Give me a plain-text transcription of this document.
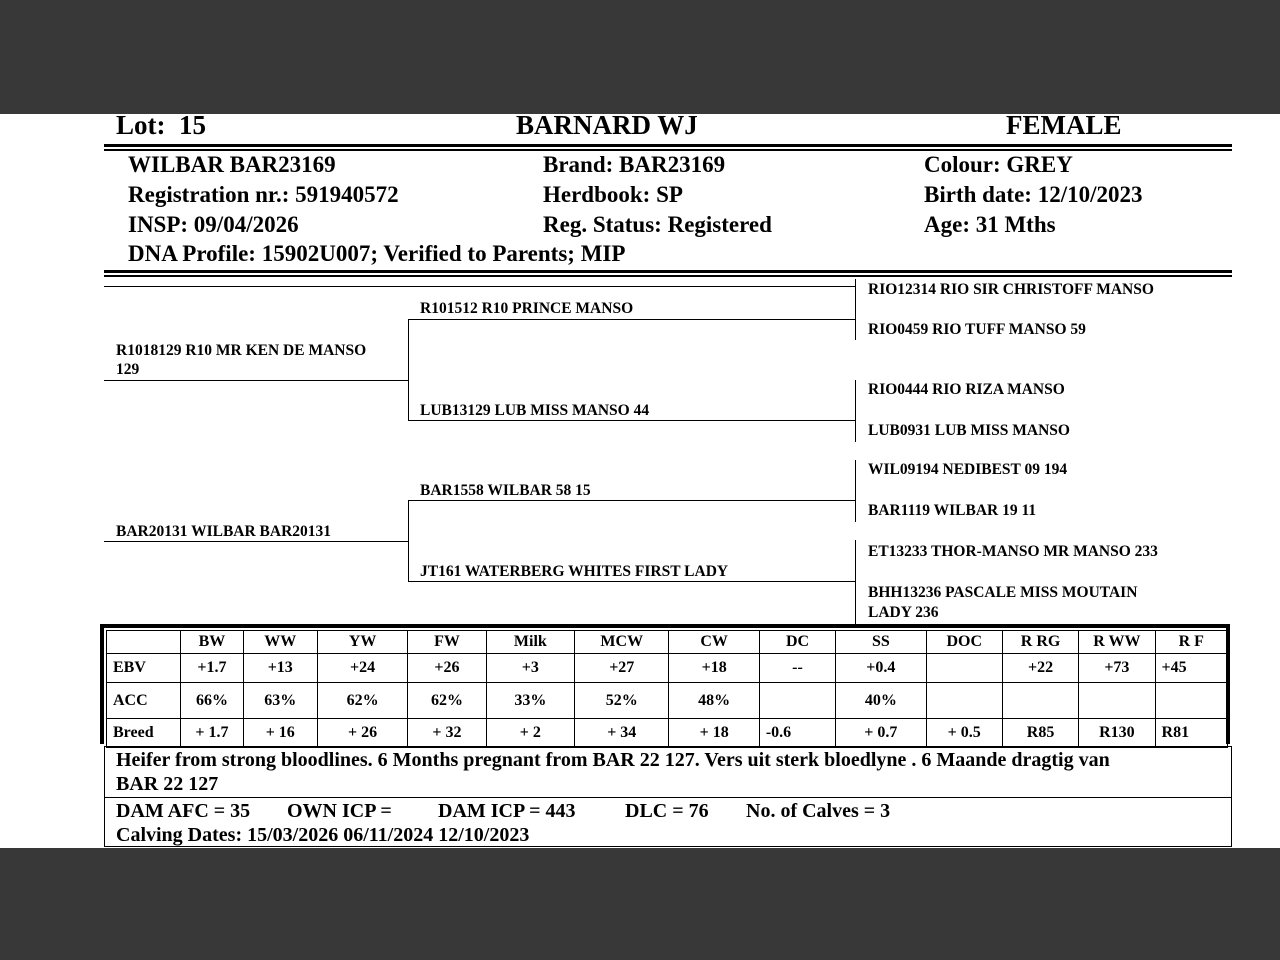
Lot: 15	BARNARD WJ	FEMALE
WILBAR BAR23169	Brand: BAR23169	Colour: GREY
Registration nr.: 591940572	Herdbook: SP	Birth date: 12/10/2023
INSP: 09/04/2026	Reg. Status: Registered	Age: 31 Mths
DNA Profile: 15902U007; Verified to Parents; MIP
R1018129 R10 MR KEN DE MANSO
129
R101512 R10 PRINCE MANSO
LUB13129 LUB MISS MANSO 44
BAR20131 WILBAR BAR20131
BAR1558 WILBAR 58 15
JT161 WATERBERG WHITES FIRST LADY
RIO12314 RIO SIR CHRISTOFF MANSO
RIO0459 RIO TUFF MANSO 59
RIO0444 RIO RIZA MANSO
LUB0931 LUB MISS MANSO
WIL09194 NEDIBEST 09 194
BAR1119 WILBAR 19 11
ET13233 THOR-MANSO MR MANSO 233
BHH13236 PASCALE MISS MOUTAIN
LADY 236
	BW	WW	YW	FW	Milk	MCW	CW	DC	SS	DOC	R RG	R WW	R F
EBV	+1.7	+13	+24	+26	+3	+27	+18	--	+0.4		+22	+73	+45
ACC	66%	63%	62%	62%	33%	52%	48%		40%				
Breed	+ 1.7	+ 16	+ 26	+ 32	+ 2	+ 34	+ 18	-0.6	+ 0.7	+ 0.5	R85	R130	R81
Heifer from strong bloodlines. 6 Months pregnant from BAR 22 127. Vers uit sterk bloedlyne . 6 Maande dragtig van
BAR 22 127
DAM AFC = 35 OWN ICP = DAM ICP = 443 DLC = 76 No. of Calves = 3
Calving Dates: 15/03/2026 06/11/2024 12/10/2023
